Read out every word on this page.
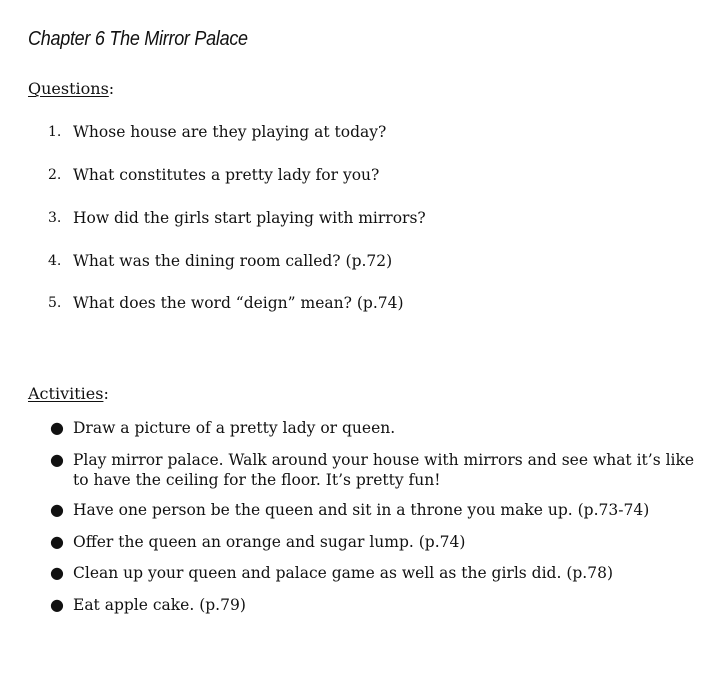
Chapter 6 The Mirror Palace
Questions:
1. Whose house are they playing at today?
2. What constitutes a pretty lady for you?
3. How did the girls start playing with mirrors?
4. What was the dining room called? (p.72)
5. What does the word “deign” mean? (p.74)
Activities:
● Draw a picture of a pretty lady or queen.
● Play mirror palace. Walk around your house with mirrors and see what it’s like to have the ceiling for the floor. It’s pretty fun!
● Have one person be the queen and sit in a throne you make up. (p.73-74)
● Offer the queen an orange and sugar lump. (p.74)
● Clean up your queen and palace game as well as the girls did. (p.78)
● Eat apple cake. (p.79)
